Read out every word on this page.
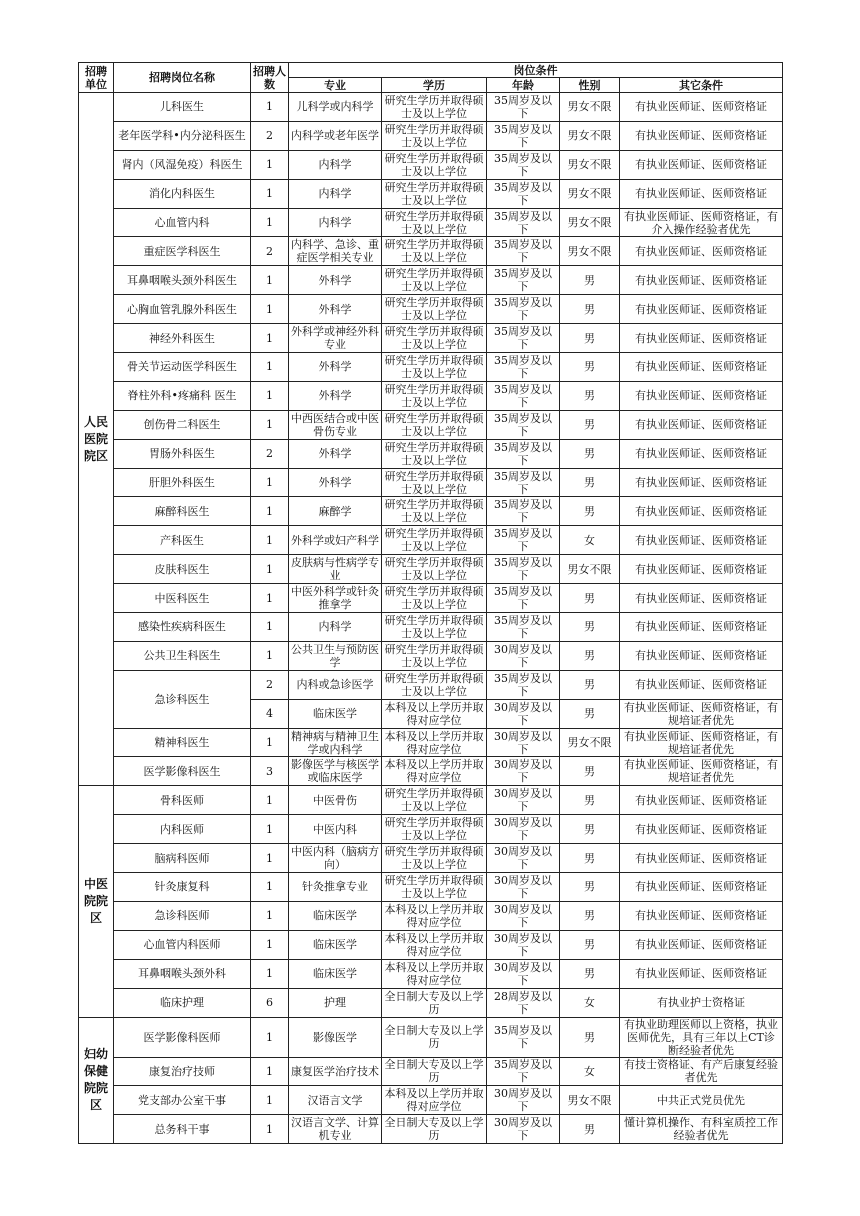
招聘单位	招聘岗位名称	招聘人数	岗位条件				
			专业	学历	年龄	性别	其它条件
人民医院院区	儿科医生	1	儿科学或内科学	研究生学历并取得硕士及以上学位	35周岁及以下	男女不限	有执业医师证、医师资格证
	老年医学科•内分泌科医生	2	内科学或老年医学	研究生学历并取得硕士及以上学位	35周岁及以下	男女不限	有执业医师证、医师资格证
	肾内（风湿免疫）科医生	1	内科学	研究生学历并取得硕士及以上学位	35周岁及以下	男女不限	有执业医师证、医师资格证
	消化内科医生	1	内科学	研究生学历并取得硕士及以上学位	35周岁及以下	男女不限	有执业医师证、医师资格证
	心血管内科	1	内科学	研究生学历并取得硕士及以上学位	35周岁及以下	男女不限	有执业医师证、医师资格证，有介入操作经验者优先
	重症医学科医生	2	内科学、急诊、重症医学相关专业	研究生学历并取得硕士及以上学位	35周岁及以下	男女不限	有执业医师证、医师资格证
	耳鼻咽喉头颈外科医生	1	外科学	研究生学历并取得硕士及以上学位	35周岁及以下	男	有执业医师证、医师资格证
	心胸血管乳腺外科医生	1	外科学	研究生学历并取得硕士及以上学位	35周岁及以下	男	有执业医师证、医师资格证
	神经外科医生	1	外科学或神经外科专业	研究生学历并取得硕士及以上学位	35周岁及以下	男	有执业医师证、医师资格证
	骨关节运动医学科医生	1	外科学	研究生学历并取得硕士及以上学位	35周岁及以下	男	有执业医师证、医师资格证
	脊柱外科•疼痛科 医生	1	外科学	研究生学历并取得硕士及以上学位	35周岁及以下	男	有执业医师证、医师资格证
	创伤骨二科医生	1	中西医结合或中医骨伤专业	研究生学历并取得硕士及以上学位	35周岁及以下	男	有执业医师证、医师资格证
	胃肠外科医生	2	外科学	研究生学历并取得硕士及以上学位	35周岁及以下	男	有执业医师证、医师资格证
	肝胆外科医生	1	外科学	研究生学历并取得硕士及以上学位	35周岁及以下	男	有执业医师证、医师资格证
	麻醉科医生	1	麻醉学	研究生学历并取得硕士及以上学位	35周岁及以下	男	有执业医师证、医师资格证
	产科医生	1	外科学或妇产科学	研究生学历并取得硕士及以上学位	35周岁及以下	女	有执业医师证、医师资格证
	皮肤科医生	1	皮肤病与性病学专业	研究生学历并取得硕士及以上学位	35周岁及以下	男女不限	有执业医师证、医师资格证
	中医科医生	1	中医外科学或针灸推拿学	研究生学历并取得硕士及以上学位	35周岁及以下	男	有执业医师证、医师资格证
	感染性疾病科医生	1	内科学	研究生学历并取得硕士及以上学位	35周岁及以下	男	有执业医师证、医师资格证
	公共卫生科医生	1	公共卫生与预防医学	研究生学历并取得硕士及以上学位	30周岁及以下	男	有执业医师证、医师资格证
	急诊科医生	2	内科或急诊医学	研究生学历并取得硕士及以上学位	35周岁及以下	男	有执业医师证、医师资格证
		4	临床医学	本科及以上学历并取得对应学位	30周岁及以下	男	有执业医师证、医师资格证，有规培证者优先
	精神科医生	1	精神病与精神卫生学或内科学	本科及以上学历并取得对应学位	30周岁及以下	男女不限	有执业医师证、医师资格证，有规培证者优先
	医学影像科医生	3	影像医学与核医学或临床医学	本科及以上学历并取得对应学位	30周岁及以下	男	有执业医师证、医师资格证，有规培证者优先
中医院院区	骨科医师	1	中医骨伤	研究生学历并取得硕士及以上学位	30周岁及以下	男	有执业医师证、医师资格证
	内科医师	1	中医内科	研究生学历并取得硕士及以上学位	30周岁及以下	男	有执业医师证、医师资格证
	脑病科医师	1	中医内科（脑病方向）	研究生学历并取得硕士及以上学位	30周岁及以下	男	有执业医师证、医师资格证
	针灸康复科	1	针灸推拿专业	研究生学历并取得硕士及以上学位	30周岁及以下	男	有执业医师证、医师资格证
	急诊科医师	1	临床医学	本科及以上学历并取得对应学位	30周岁及以下	男	有执业医师证、医师资格证
	心血管内科医师	1	临床医学	本科及以上学历并取得对应学位	30周岁及以下	男	有执业医师证、医师资格证
	耳鼻咽喉头颈外科	1	临床医学	本科及以上学历并取得对应学位	30周岁及以下	男	有执业医师证、医师资格证
	临床护理	6	护理	全日制大专及以上学历	28周岁及以下	女	有执业护士资格证
妇幼保健院院区	医学影像科医师	1	影像医学	全日制大专及以上学历	35周岁及以下	男	有执业助理医师以上资格，执业医师优先，具有三年以上CT诊断经验者优先
	康复治疗技师	1	康复医学治疗技术	全日制大专及以上学历	35周岁及以下	女	有技士资格证、有产后康复经验者优先
	党支部办公室干事	1	汉语言文学	本科及以上学历并取得对应学位	30周岁及以下	男女不限	中共正式党员优先
	总务科干事	1	汉语言文学、计算机专业	全日制大专及以上学历	30周岁及以下	男	懂计算机操作、有科室质控工作经验者优先
